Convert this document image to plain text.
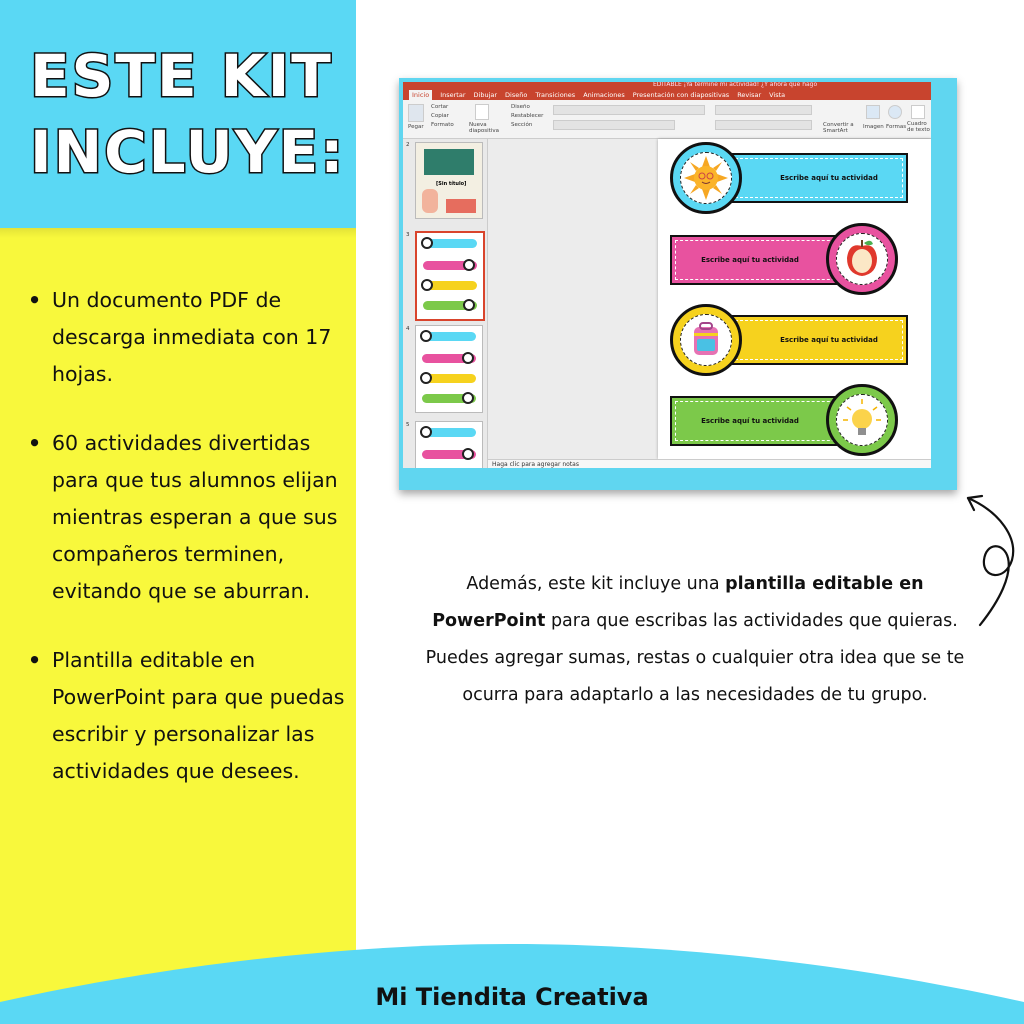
ESTE KIT
INCLUYE:
• Un documento PDF de descarga inmediata con 17 hojas.
• 60 actividades divertidas para que tus alumnos elijan mientras esperan a que sus compañeros terminen, evitando que se aburran.
• Plantilla editable en PowerPoint para que puedas escribir y personalizar las actividades que desees.
EDITABLE ¡Ya terminé mi actividad! ¿Y ahora qué hago
Inicio	Insertar Dibujar Diseño Transiciones Animaciones Presentación con diapositivas Revisar Vista
Pegar
Cortar
Copiar
Formato	Nueva diapositiva
Diseño
Restablecer
Sección	Convertir a SmartArt
Imagen Formas Cuadro de texto
2
[Sin título]
3
4
5
Escribe aquí tu actividad
Escribe aquí tu actividad
Escribe aquí tu actividad
Escribe aquí tu actividad
Haga clic para agregar notas
Además, este kit incluye una plantilla editable en PowerPoint para que escribas las actividades que quieras. Puedes agregar sumas, restas o cualquier otra idea que se te ocurra para adaptarlo a las necesidades de tu grupo.
Mi Tiendita Creativa
